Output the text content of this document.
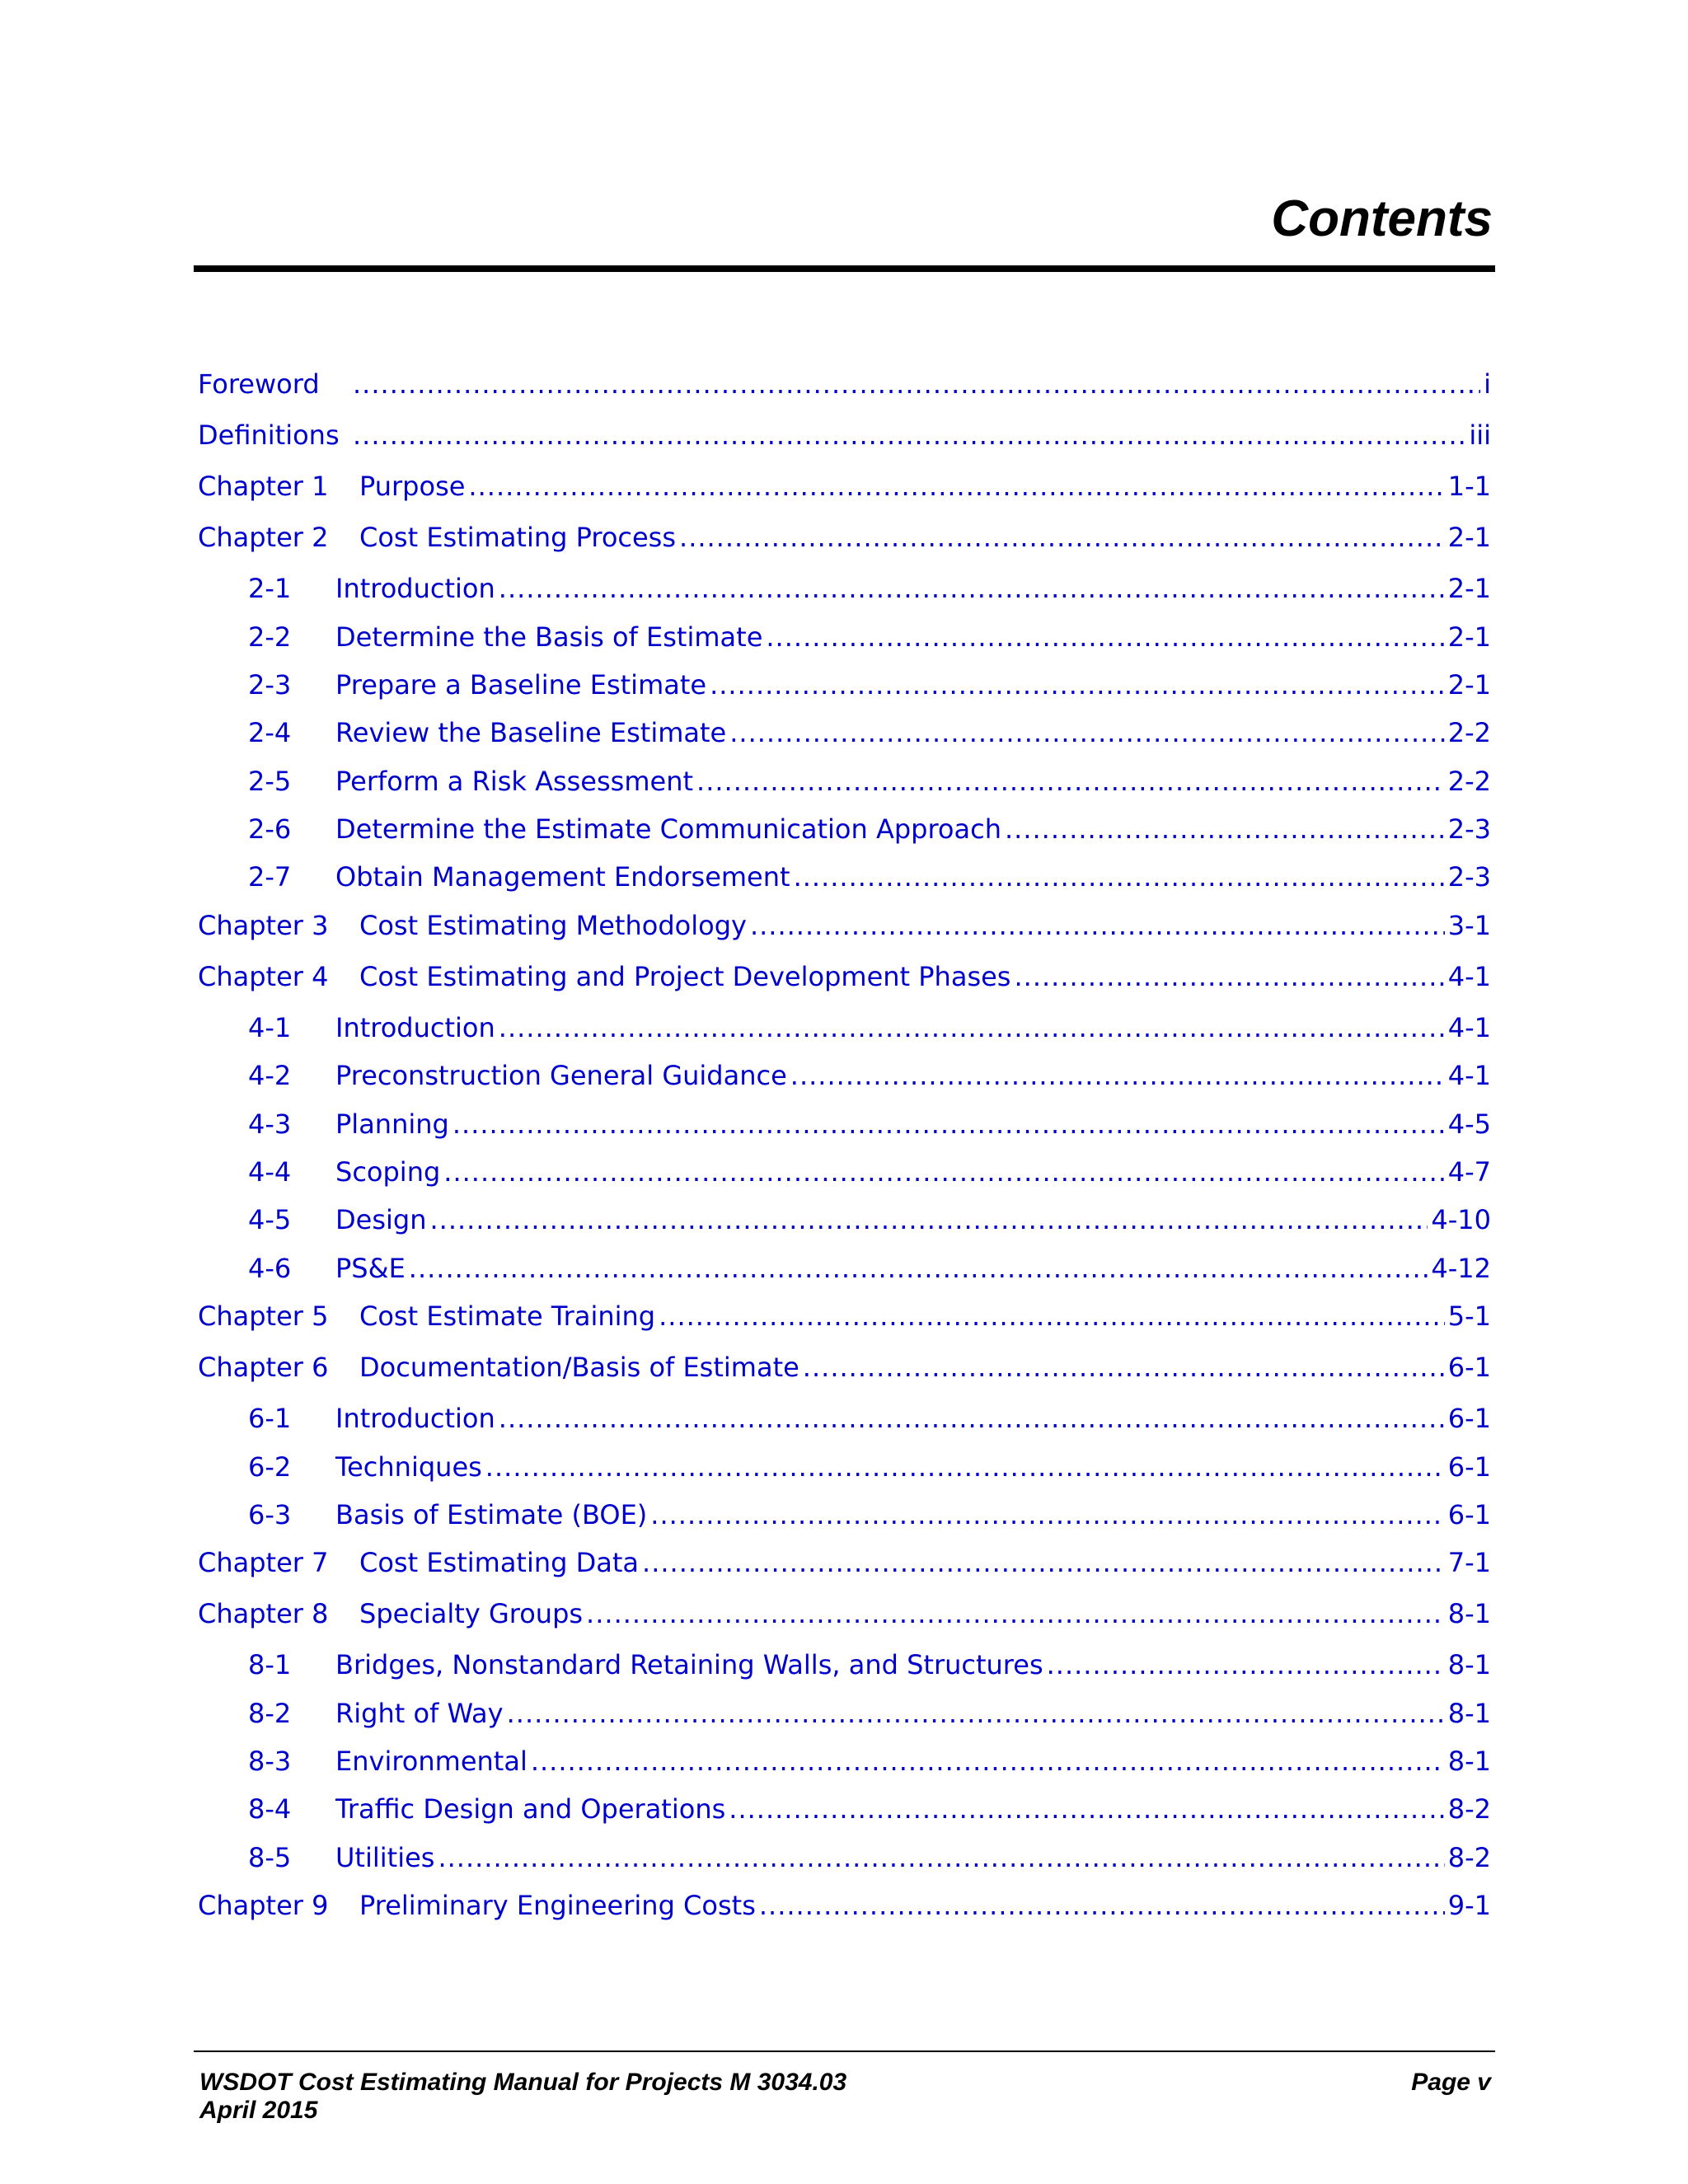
Contents
Foreword .....	i
Definitions .....	iii
Chapter 1	Purpose .....	1-1
Chapter 2	Cost Estimating Process .....	2-1
2-1	Introduction .....	2-1
2-2	Determine the Basis of Estimate .....	2-1
2-3	Prepare a Baseline Estimate .....	2-1
2-4	Review the Baseline Estimate .....	2-2
2-5	Perform a Risk Assessment .....	2-2
2-6	Determine the Estimate Communication Approach .....	2-3
2-7	Obtain Management Endorsement .....	2-3
Chapter 3	Cost Estimating Methodology .....	3-1
Chapter 4	Cost Estimating and Project Development Phases .....	4-1
4-1	Introduction .....	4-1
4-2	Preconstruction General Guidance .....	4-1
4-3	Planning .....	4-5
4-4	Scoping .....	4-7
4-5	Design .....	4-10
4-6	PS&E .....	4-12
Chapter 5	Cost Estimate Training .....	5-1
Chapter 6	Documentation/Basis of Estimate .....	6-1
6-1	Introduction .....	6-1
6-2	Techniques .....	6-1
6-3	Basis of Estimate (BOE) .....	6-1
Chapter 7	Cost Estimating Data .....	7-1
Chapter 8	Specialty Groups .....	8-1
8-1	Bridges, Nonstandard Retaining Walls, and Structures .....	8-1
8-2	Right of Way .....	8-1
8-3	Environmental .....	8-1
8-4	Traffic Design and Operations .....	8-2
8-5	Utilities .....	8-2
Chapter 9	Preliminary Engineering Costs .....	9-1
WSDOT Cost Estimating Manual for Projects M 3034.03
April 2015
Page v
